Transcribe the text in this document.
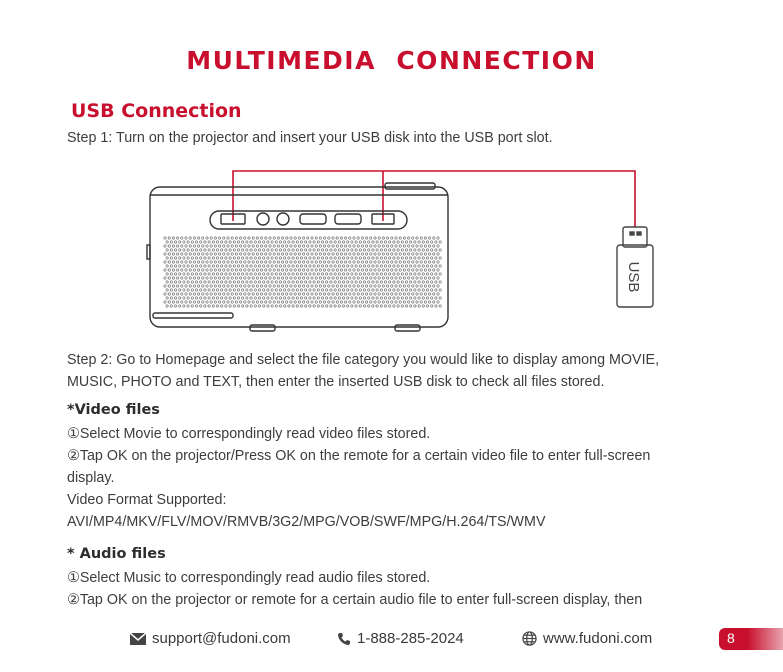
MULTIMEDIA  CONNECTION
USB Connection
Step 1: Turn on the projector and insert your USB disk into the USB port slot.
USB
Step 2: Go to Homepage and select the file category you would like to display among MOVIE,
MUSIC, PHOTO and TEXT, then enter the inserted USB disk to check all files stored.
*Video files
①Select Movie to correspondingly read video files stored.
②Tap OK on the projector/Press OK on the remote for a certain video file to enter full-screen
display.
Video Format Supported:
AVI/MP4/MKV/FLV/MOV/RMVB/3G2/MPG/VOB/SWF/MPG/H.264/TS/WMV
* Audio files
①Select Music to correspondingly read audio files stored.
②Tap OK on the projector or remote for a certain audio file to enter full-screen display, then
support@fudoni.com	1-888-285-2024	www.fudoni.com	8
